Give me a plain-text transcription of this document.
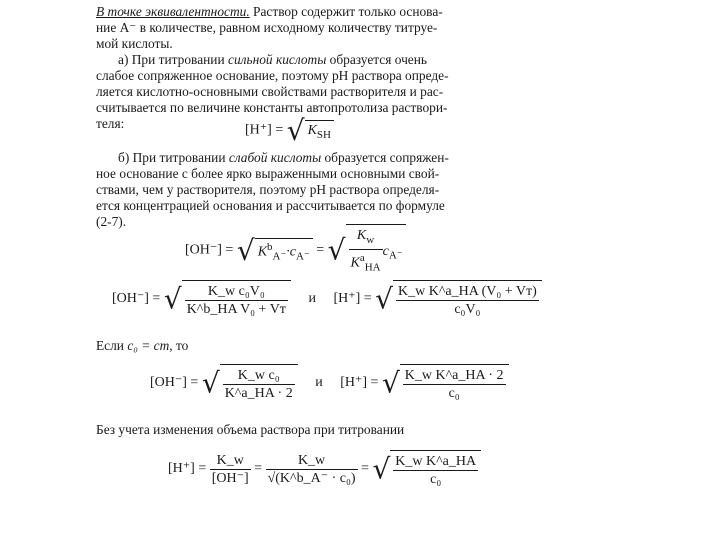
В точке эквивалентности. Раствор содержит только основа-
ние A⁻ в количестве, равном исходному количеству титруе-
мой кислоты.
а) При титровании сильной кислоты образуется очень
слабое сопряженное основание, поэтому pH раствора опреде-
ляется кислотно-основными свойствами растворителя и рас-
считывается по величине константы автопротолиза раствори-
теля:	[H⁺] = √ $K_{SH}$
б) При титровании слабой кислоты образуется сопряжен-
ное основание с более ярко выраженными основными свой-
ствами, чем у растворителя, поэтому pH раствора определя-
ется концентрацией основания и рассчитывается по формуле
(2-7).
[OH⁻] = √ $K^b_{A^-}\cdot c_{A^-}$ = √ $\frac{K_w}{K^a_{HA}} c_{A^-}$
[OH⁻] = √ $\frac{\text{K\_w c₀V₀}}{\text{K\textasciicircum{}b\_HA V₀ + Vт}}$ и [H⁺] = √ $\frac{\text{K\_w K\textasciicircum{}a\_HA (V₀ + Vт)}}{\text{c₀V₀}}$
Если c₀ = cт, то
[OH⁻] = √ $\frac{\text{K\_w c₀}}{K\^{}a\_HA \cdot 2}$ и [H⁺] = √ $\frac{\text{K\_w K\textasciicircum{}a\_HA · 2}}{\text{c₀}}$
Без учета изменения объема раствора при титровании
$[H^+] = \frac{K\_w}{[OH^-]} = \frac{K\_w}{\text{√(K\textasciicircum{}b\_A⁻ · c₀)}}$ = √ $\frac{\text{K\_w K\textasciicircum{}a\_HA}}{\text{c₀}}$
